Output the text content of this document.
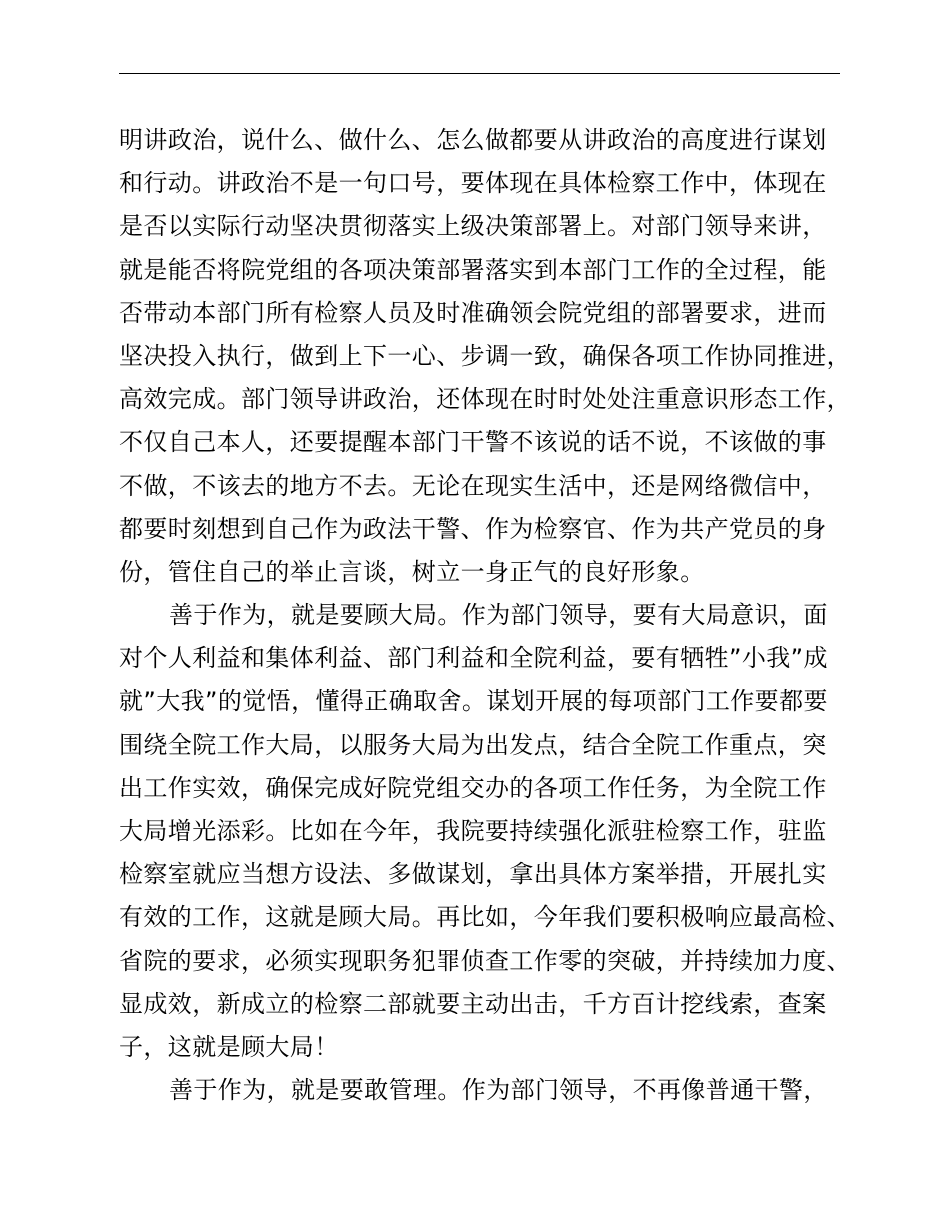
明讲政治，说什么、做什么、怎么做都要从讲政治的高度进行谋划
和行动。讲政治不是一句口号，要体现在具体检察工作中，体现在
是否以实际行动坚决贯彻落实上级决策部署上。对部门领导来讲，
就是能否将院党组的各项决策部署落实到本部门工作的全过程，能
否带动本部门所有检察人员及时准确领会院党组的部署要求，进而
坚决投入执行，做到上下一心、步调一致，确保各项工作协同推进，
高效完成。部门领导讲政治，还体现在时时处处注重意识形态工作，
不仅自己本人，还要提醒本部门干警不该说的话不说，不该做的事
不做，不该去的地方不去。无论在现实生活中，还是网络微信中，
都要时刻想到自己作为政法干警、作为检察官、作为共产党员的身
份，管住自己的举止言谈，树立一身正气的良好形象。
善于作为，就是要顾大局。作为部门领导，要有大局意识，面
对个人利益和集体利益、部门利益和全院利益，要有牺牲”小我”成
就”大我”的觉悟，懂得正确取舍。谋划开展的每项部门工作要都要
围绕全院工作大局，以服务大局为出发点，结合全院工作重点，突
出工作实效，确保完成好院党组交办的各项工作任务，为全院工作
大局增光添彩。比如在今年，我院要持续强化派驻检察工作，驻监
检察室就应当想方设法、多做谋划，拿出具体方案举措，开展扎实
有效的工作，这就是顾大局。再比如，今年我们要积极响应最高检、
省院的要求，必须实现职务犯罪侦查工作零的突破，并持续加力度、
显成效，新成立的检察二部就要主动出击，千方百计挖线索，查案
子，这就是顾大局！
善于作为，就是要敢管理。作为部门领导，不再像普通干警，
